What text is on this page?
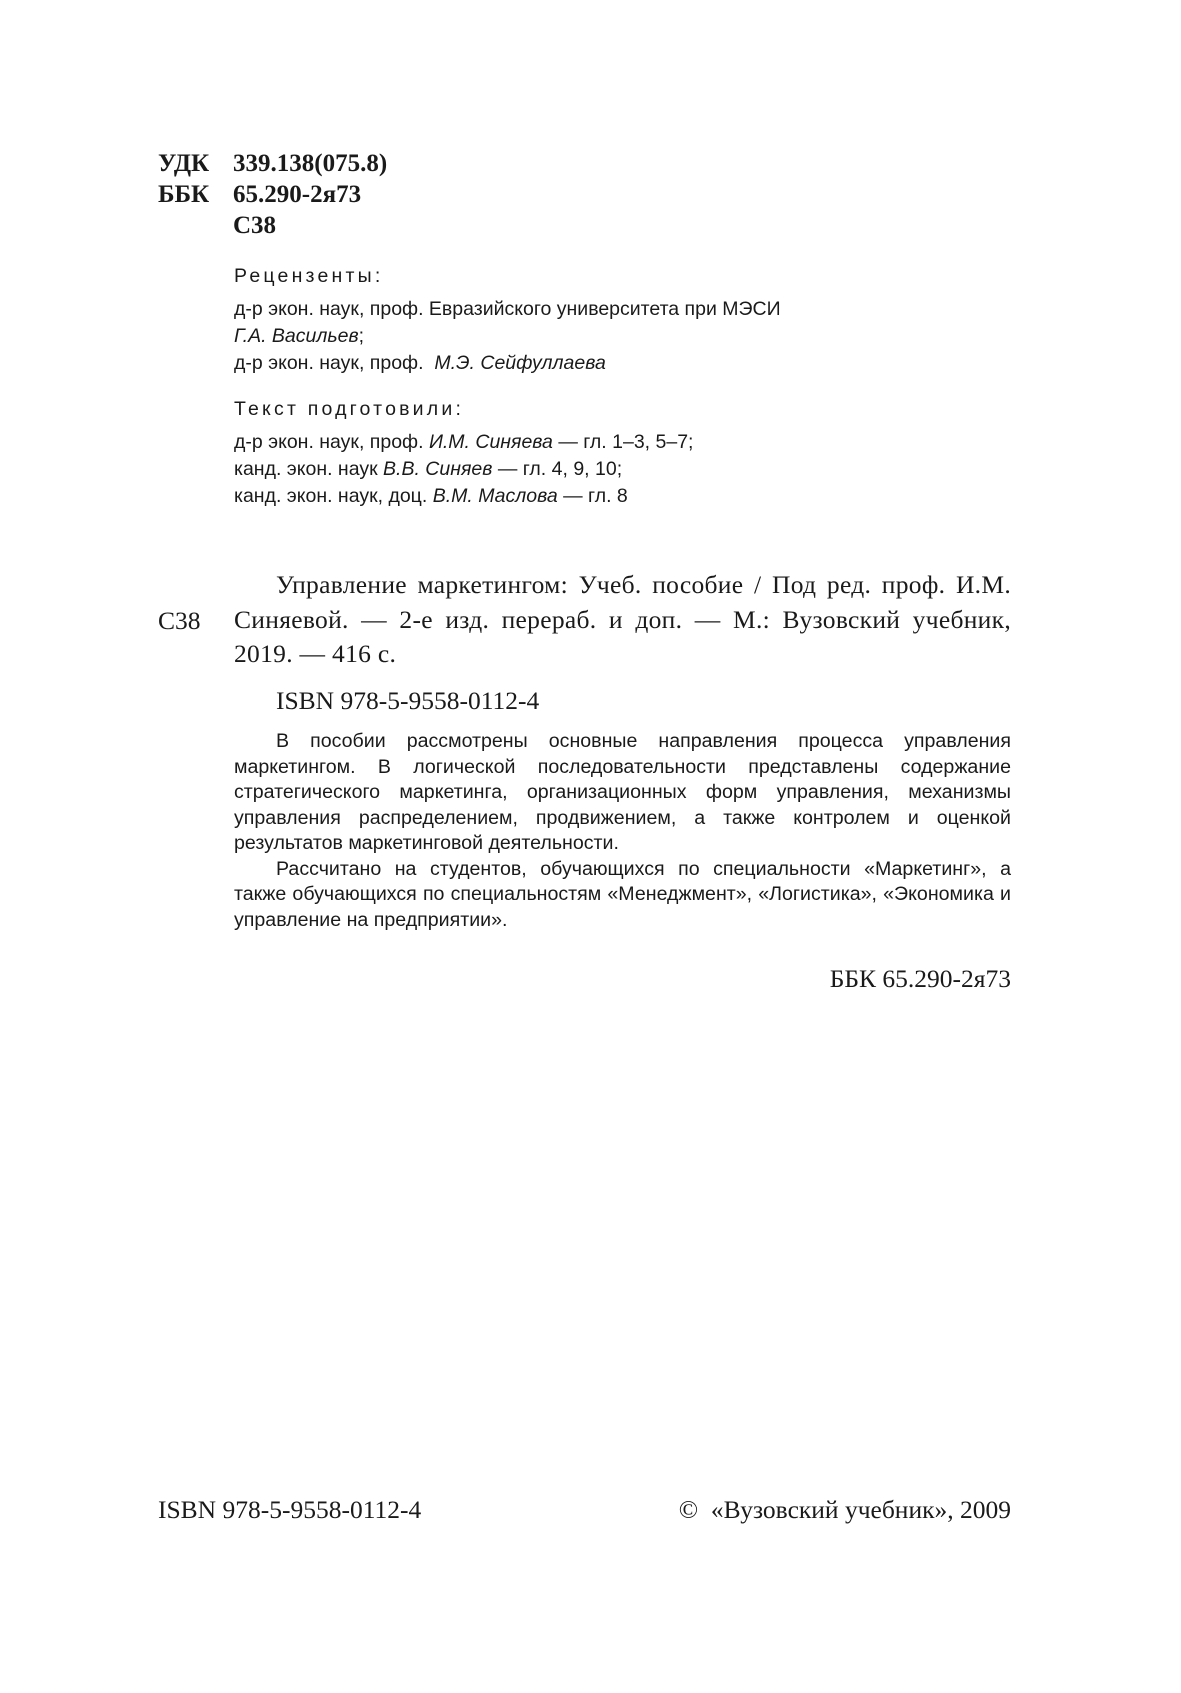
УДК 339.138(075.8)
ББК 65.290-2я73
С38
Рецензенты:
д-р экон. наук, проф. Евразийского университета при МЭСИ
Г.А. Васильев;
д-р экон. наук, проф.  М.Э. Сейфуллаева
Текст подготовили:
д-р экон. наук, проф. И.М. Синяева — гл. 1–3, 5–7;
канд. экон. наук В.В. Синяев — гл. 4, 9, 10;
канд. экон. наук, доц. В.М. Маслова — гл. 8
С38
Управление маркетингом: Учеб. пособие / Под ред. проф. И.М. Синяевой. — 2-е изд. перераб. и доп. — М.: Вузовский учебник, 2019. — 416 с.
ISBN 978-5-9558-0112-4

В пособии рассмотрены основные направления процесса управления маркетингом. В логической последовательности представлены содержание стратегического маркетинга, организационных форм управления, механизмы управления распределением, продвижением, а также контролем и оценкой результатов маркетинговой деятельности.

Рассчитано на студентов, обучающихся по специальности «Маркетинг», а также обучающихся по специальностям «Менеджмент», «Логистика», «Экономика и управление на предприятии».

ББК 65.290-2я73
ISBN 978-5-9558-0112-4	©  «Вузовский учебник», 2009
